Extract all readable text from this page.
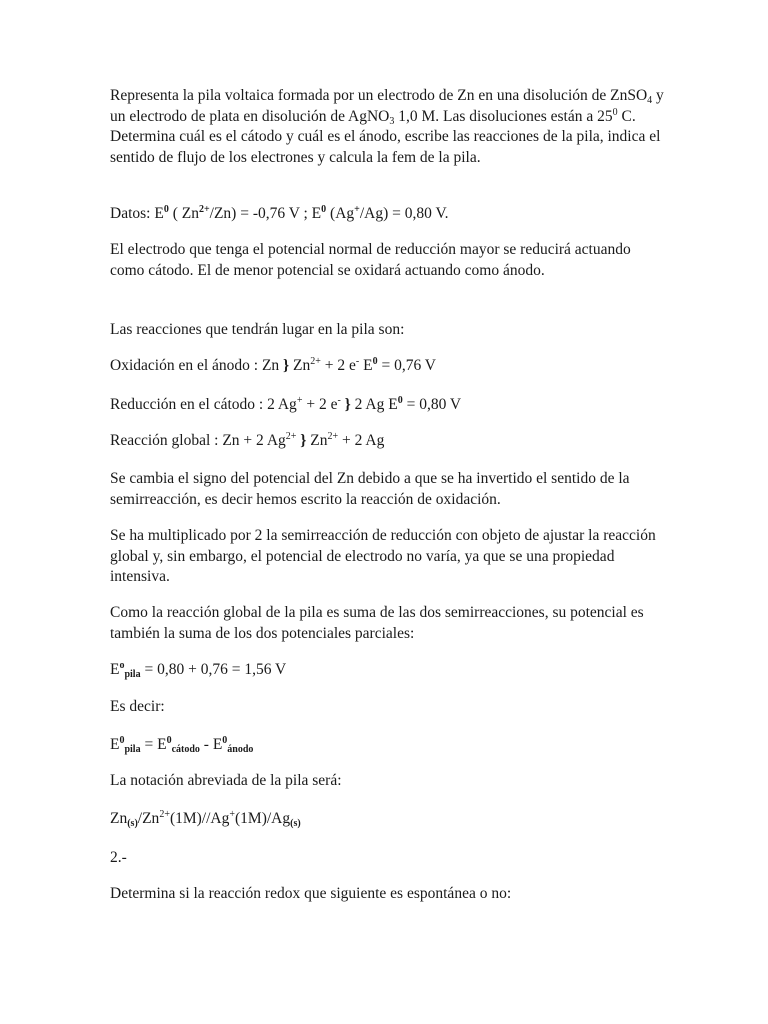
Representa la pila voltaica formada por un electrodo de Zn en una disolución de ZnSO$_4$ y un electrodo de plata en disolución de AgNO$_3$ 1,0 M. Las disoluciones están a $25^0$ C. Determina cuál es el cátodo y cuál es el ánodo, escribe las reacciones de la pila, indica el sentido de flujo de los electrones y calcula la fem de la pila.

Datos: $E^0$ ( $Zn^{2+}/Zn) = -0,76$ V ; $E^0$ (Ag+/Ag) = 0,80 V.

El electrodo que tenga el potencial normal de reducción mayor se reducirá actuando como cátodo. El de menor potencial se oxidará actuando como ánodo.

Las reacciones que tendrán lugar en la pila son:

Oxidación en el ánodo : Zn } $Zn^{2+} + 2$ e- $E^0 = 0,76$ V

Reducción en el cátodo : 2 Ag+ + 2 e- } 2 Ag $E^0 = 0,80$ V

Reacción global : Zn + 2 $Ag^{2+}$ } $Zn^{2+} + 2$ Ag

Se cambia el signo del potencial del Zn debido a que se ha invertido el sentido de la semirreacción, es decir hemos escrito la reacción de oxidación.

Se ha multiplicado por 2 la semirreacción de reducción con objeto de ajustar la reacción global y, sin embargo, el potencial de electrodo no varía, ya que se una propiedad intensiva.

Como la reacción global de la pila es suma de las dos semirreacciones, su potencial es también la suma de los dos potenciales parciales:

$E^o_{pila} = 0,80 + 0,76 = 1,56$ V

Es decir:

$E^0_{pila} = E^0_{cátodo} - E^0_{ánodo}$

La notación abreviada de la pila será:

$Zn_{(s)}/Zn^{2+}(1M)//Ag^+(1M)/Ag_{(s)}$

2.-

Determina si la reacción redox que siguiente es espontánea o no:
